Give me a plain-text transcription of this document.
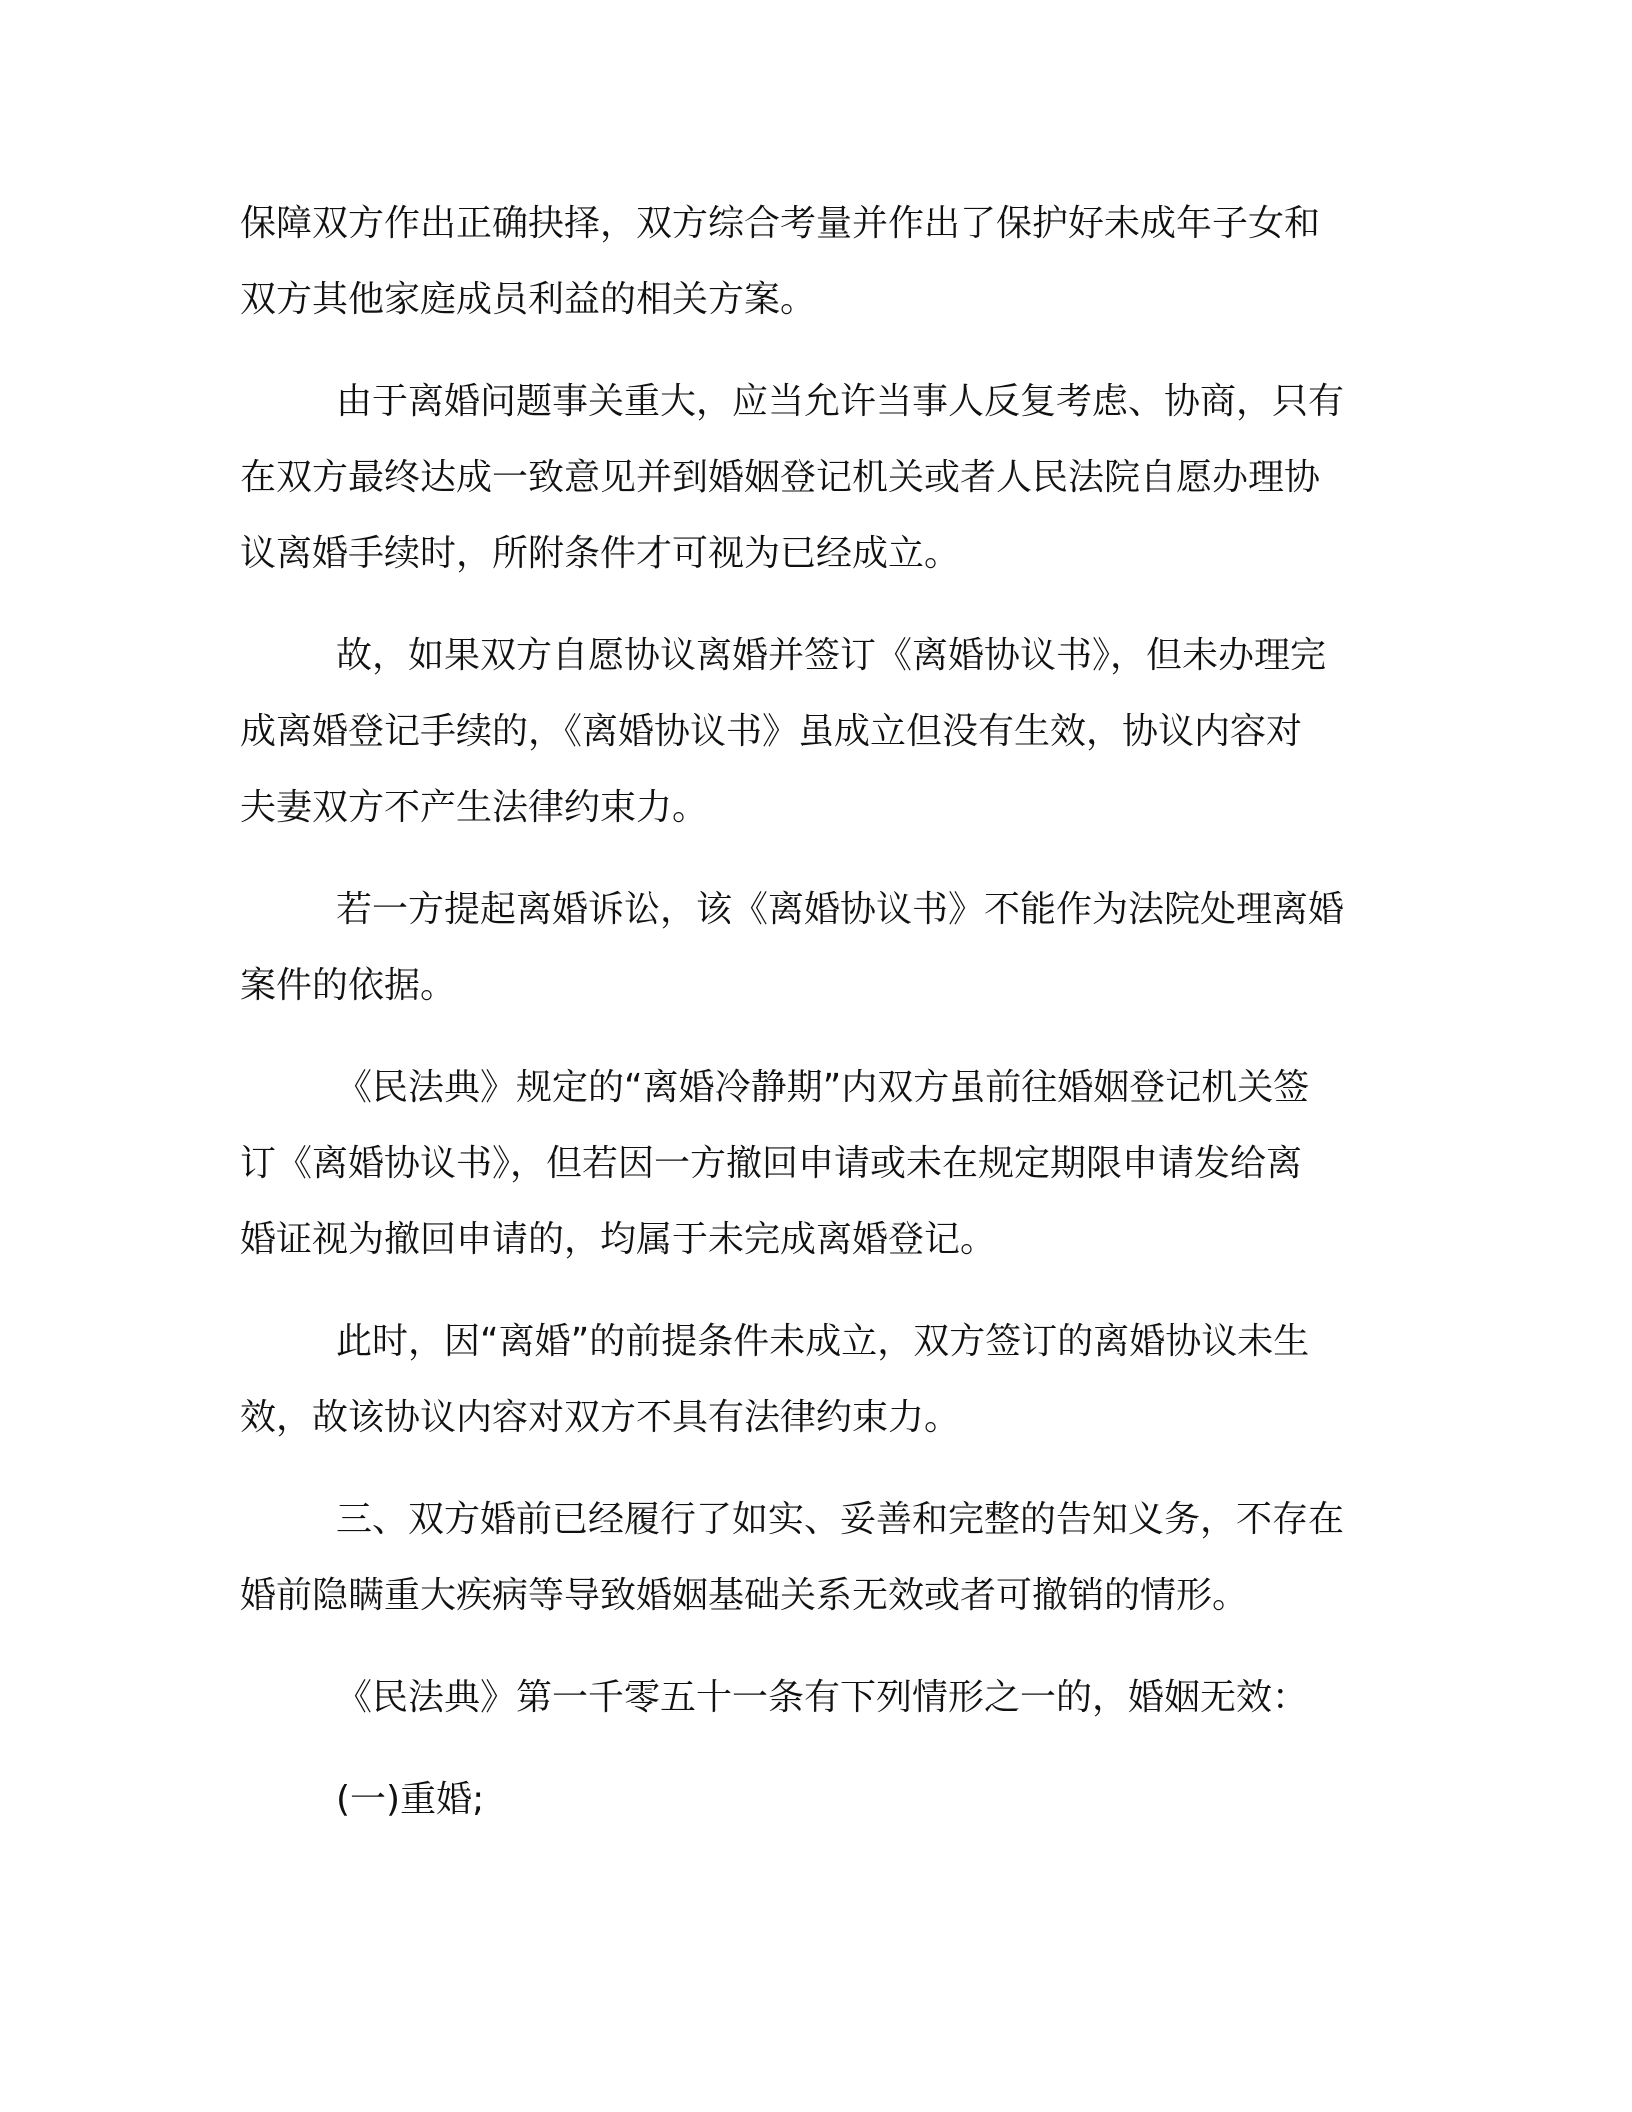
保障双方作出正确抉择，双方综合考量并作出了保护好未成年子女和
双方其他家庭成员利益的相关方案。

由于离婚问题事关重大，应当允许当事人反复考虑、协商，只有
在双方最终达成一致意见并到婚姻登记机关或者人民法院自愿办理协
议离婚手续时，所附条件才可视为已经成立。

故，如果双方自愿协议离婚并签订《离婚协议书》，但未办理完
成离婚登记手续的，《离婚协议书》虽成立但没有生效，协议内容对
夫妻双方不产生法律约束力。

若一方提起离婚诉讼，该《离婚协议书》不能作为法院处理离婚
案件的依据。

《民法典》规定的“离婚冷静期”内双方虽前往婚姻登记机关签
订《离婚协议书》，但若因一方撤回申请或未在规定期限申请发给离
婚证视为撤回申请的，均属于未完成离婚登记。

此时，因“离婚”的前提条件未成立，双方签订的离婚协议未生
效，故该协议内容对双方不具有法律约束力。

三、双方婚前已经履行了如实、妥善和完整的告知义务，不存在
婚前隐瞒重大疾病等导致婚姻基础关系无效或者可撤销的情形。

《民法典》第一千零五十一条有下列情形之一的，婚姻无效：

(一)重婚;
